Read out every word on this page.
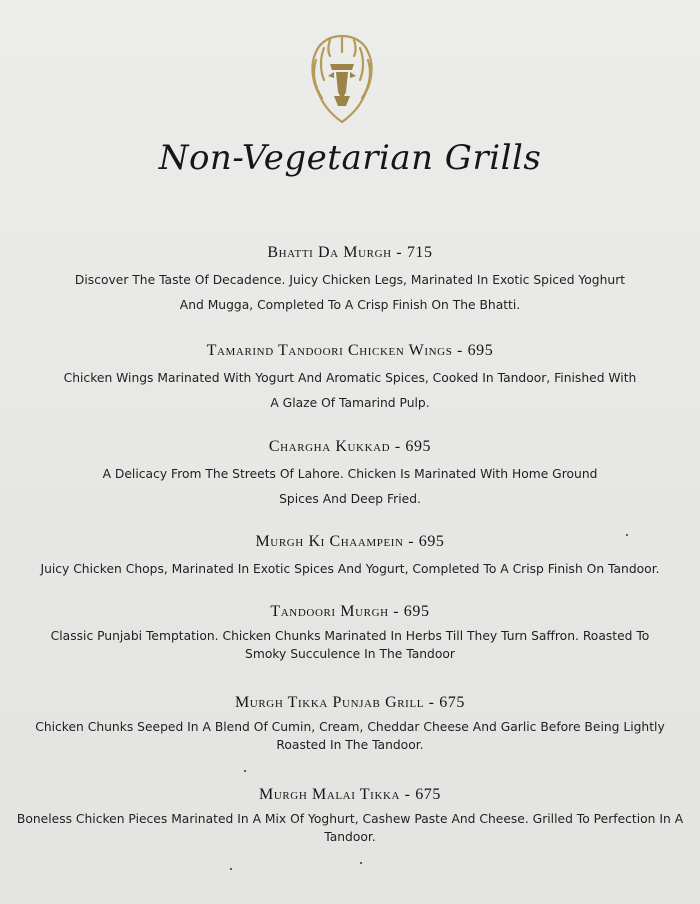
Non-Vegetarian Grills
Bhatti Da Murgh - 715
Discover The Taste Of Decadence. Juicy Chicken Legs, Marinated In Exotic Spiced Yoghurt And Mugga, Completed To A Crisp Finish On The Bhatti.
Tamarind Tandoori Chicken Wings - 695
Chicken Wings Marinated With Yogurt And Aromatic Spices, Cooked In Tandoor, Finished With A Glaze Of Tamarind Pulp.
Chargha Kukkad - 695
A Delicacy From The Streets Of Lahore. Chicken Is Marinated With Home Ground Spices And Deep Fried.
Murgh Ki Chaampein - 695
Juicy Chicken Chops, Marinated In Exotic Spices And Yogurt, Completed To A Crisp Finish On Tandoor.
Tandoori Murgh - 695
Classic Punjabi Temptation. Chicken Chunks Marinated In Herbs Till They Turn Saffron. Roasted To Smoky Succulence In The Tandoor
Murgh Tikka Punjab Grill - 675
Chicken Chunks Seeped In A Blend Of Cumin, Cream, Cheddar Cheese And Garlic Before Being Lightly Roasted In The Tandoor.
Murgh Malai Tikka - 675
Boneless Chicken Pieces Marinated In A Mix Of Yoghurt, Cashew Paste And Cheese. Grilled To Perfection In A Tandoor.
